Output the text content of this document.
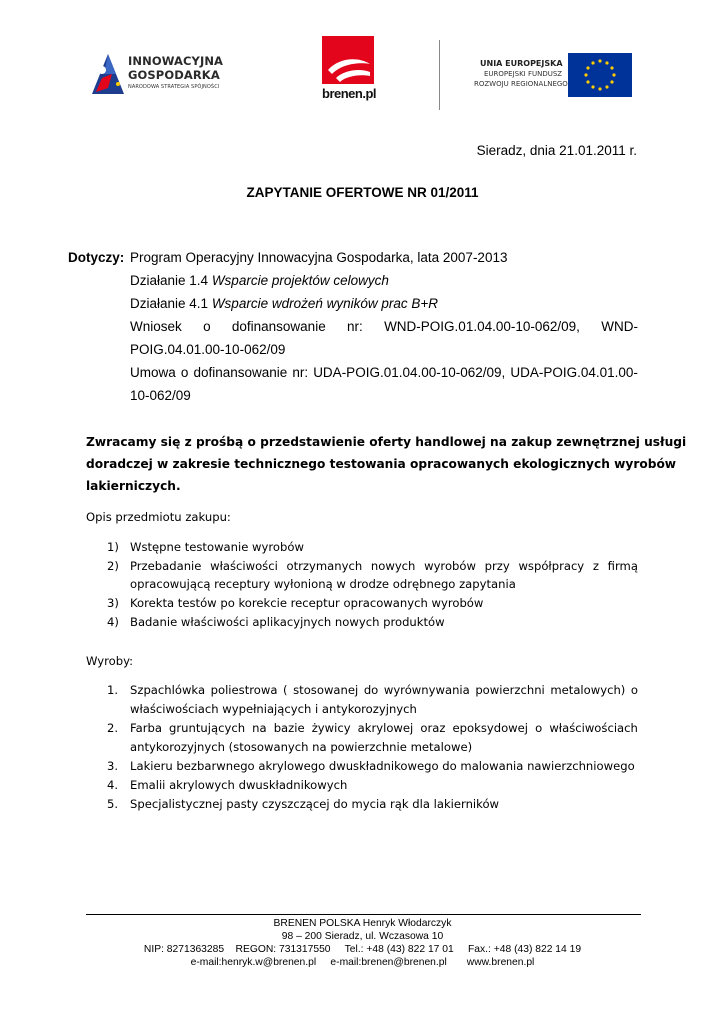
INNOWACYJNA
GOSPODARKA
NARODOWA STRATEGIA SPÓJNOŚCI	brenen.pl
UNIA EUROPEJSKA
EUROPEJSKI FUNDUSZ
ROZWOJU REGIONALNEGO
Sieradz, dnia 21.01.2011 r.
ZAPYTANIE OFERTOWE NR 01/2011
Dotyczy: Program Operacyjny Innowacyjna Gospodarka, lata 2007-2013
Działanie 1.4 Wsparcie projektów celowych
Działanie 4.1 Wsparcie wdrożeń wyników prac B+R
Wniosek o dofinansowanie nr: WND-POIG.01.04.00-10-062/09, WND-
POIG.04.01.00-10-062/09
Umowa o dofinansowanie nr: UDA-POIG.01.04.00-10-062/09, UDA-POIG.04.01.00-
10-062/09
Zwracamy się z prośbą o przedstawienie oferty handlowej na zakup zewnętrznej usługi
doradczej w zakresie technicznego testowania opracowanych ekologicznych wyrobów
lakierniczych.
Opis przedmiotu zakupu:
1) Wstępne testowanie wyrobów
2) Przebadanie właściwości otrzymanych nowych wyrobów przy współpracy z firmą
opracowującą receptury wyłonioną w drodze odrębnego zapytania
3) Korekta testów po korekcie receptur opracowanych wyrobów
4) Badanie właściwości aplikacyjnych nowych produktów
Wyroby:
1. Szpachlówka poliestrowa ( stosowanej do wyrównywania powierzchni metalowych) o
właściwościach wypełniających i antykorozyjnych
2. Farba gruntujących na bazie żywicy akrylowej oraz epoksydowej o właściwościach
antykorozyjnych (stosowanych na powierzchnie metalowe)
3. Lakieru bezbarwnego akrylowego dwuskładnikowego do malowania nawierzchniowego
4. Emalii akrylowych dwuskładnikowych
5. Specjalistycznej pasty czyszczącej do mycia rąk dla lakierników
BRENEN POLSKA Henryk Włodarczyk
98 – 200 Sieradz, ul. Wczasowa 10
NIP: 8271363285    REGON: 731317550     Tel.: +48 (43) 822 17 01     Fax.: +48 (43) 822 14 19
e-mail:henryk.w@brenen.pl     e-mail:brenen@brenen.pl       www.brenen.pl
